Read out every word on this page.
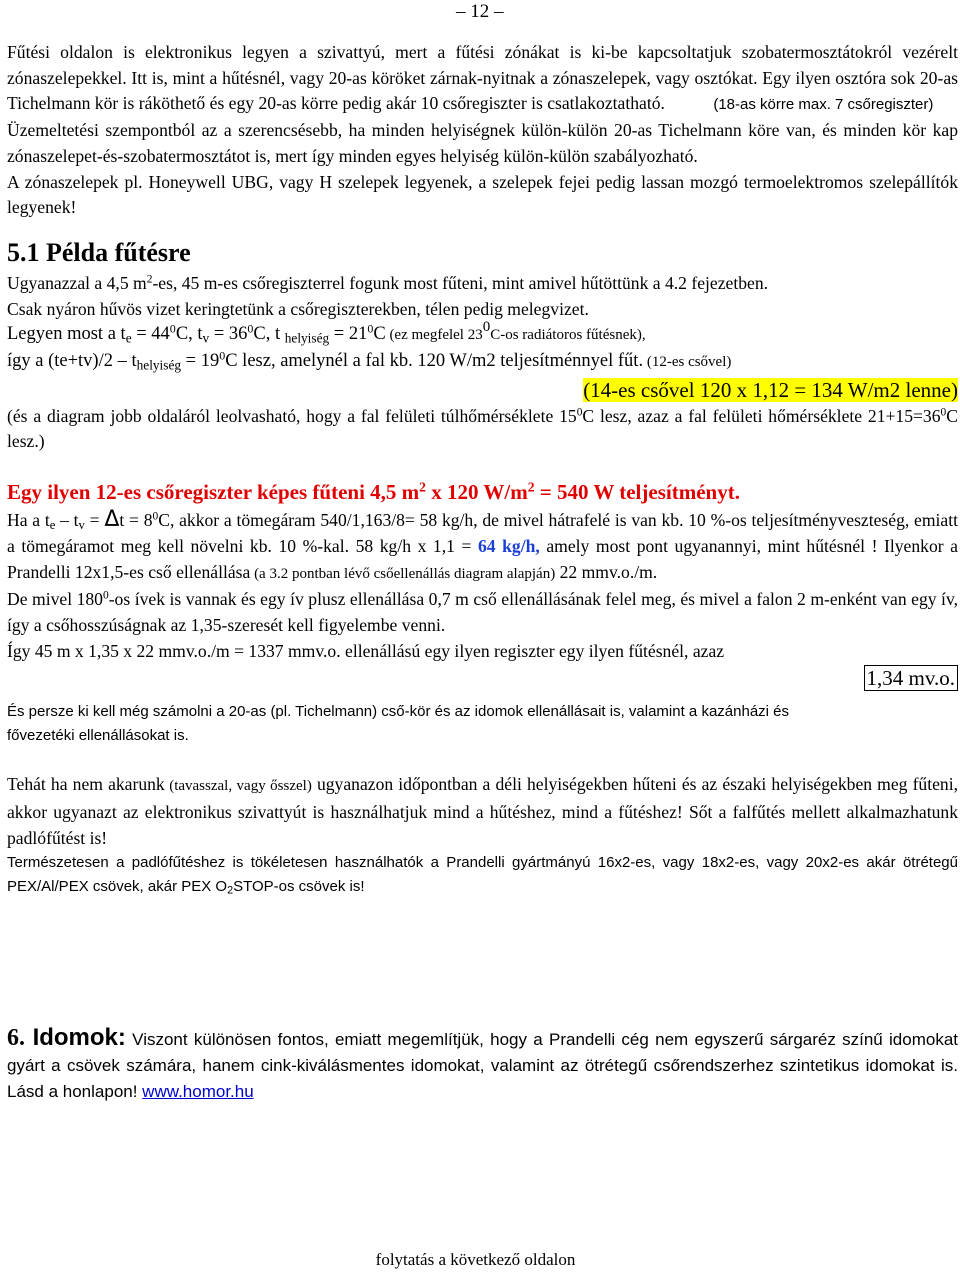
– 12 –

Fűtési oldalon is elektronikus legyen a szivattyú, mert a fűtési zónákat is ki-be kapcsoltatjuk szobatermosztátokról vezérelt zónaszelepekkel. Itt is, mint a hűtésnél, vagy 20-as köröket zárnak-nyitnak a zónaszelepek, vagy osztókat. Egy ilyen osztóra sok 20-as Tichelmann kör is ráköthető és egy 20-as körre pedig akár 10 csőregiszter is csatlakoztatható.	(18-as körre max. 7 csőregiszter)

Üzemeltetési szempontból az a szerencsésebb, ha minden helyiségnek külön-külön 20-as Tichelmann köre van, és minden kör kap zónaszelepet-és-szobatermosztátot is, mert így minden egyes helyiség külön-külön szabályozható.

A zónaszelepek pl. Honeywell UBG, vagy H szelepek legyenek, a szelepek fejei pedig lassan mozgó termoelektromos szelepállítók legyenek!

5.1 Példa fűtésre

Ugyanazzal a 4,5 $m^2-es$, 45 m-es csőregiszterrel fogunk most fűteni, mint amivel hűtöttünk a 4.2 fejezetben.

Csak nyáron hűvös vizet keringtetünk a csőregiszterekben, télen pedig melegvizet.

Legyen most a $t_e = 44^0C$, $t_v = 36^0C$, t $_{helyiség} = 21^0C$ (ez megfelel $23^0C-os$ radiátoros fűtésnek),

így a $(te+tv)/2 - t_{helyiség} = 19^0C$ lesz, amelynél a fal kb. 120 W/m2 teljesítménnyel fűt. (12-es csővel)

(14-es csővel 120 x 1,12 = 134 W/m2 lenne)

(és a diagram jobb oldaláról leolvasható, hogy a fal felületi túlhőmérséklete $15^0C$ lesz, azaz a fal felületi hőmérséklete $21+15=36^0C$ lesz.)

Egy ilyen 12-es csőregiszter képes fűteni 4,5 $m^2$ x 120 $W/m^2 = 540$ W teljesítményt.

Ha a $t_e - t_v = \Delta t = 8^0C$, akkor a tömegáram 540/1,163/8= 58 kg/h, de mivel hátrafelé is van kb. 10 %-os teljesítményveszteség, emiatt a tömegáramot meg kell növelni kb. 10 %-kal. 58 kg/h x 1,1 = 64 kg/h, amely most pont ugyanannyi, mint hűtésnél ! Ilyenkor a Prandelli 12x1,5-es cső ellenállása (a 3.2 pontban lévő csőellenállás diagram alapján) 22 mmv.o./m.

De mivel $180^0-os$ ívek is vannak és egy ív plusz ellenállása 0,7 m cső ellenállásának felel meg, és mivel a falon 2 m-enként van egy ív, így a csőhosszúságnak az 1,35-szeresét kell figyelembe venni.

Így 45 m x 1,35 x 22 mmv.o./m = 1337 mmv.o. ellenállású egy ilyen regiszter egy ilyen fűtésnél, azaz

1,34 mv.o.

És persze ki kell még számolni a 20-as (pl. Tichelmann) cső-kör és az idomok ellenállásait is, valamint a kazánházi és fővezetéki ellenállásokat is.

Tehát ha nem akarunk (tavasszal, vagy ősszel) ugyanazon időpontban a déli helyiségekben hűteni és az északi helyiségekben meg fűteni, akkor ugyanazt az elektronikus szivattyút is használhatjuk mind a hűtéshez, mind a fűtéshez! Sőt a falfűtés mellett alkalmazhatunk padlófűtést is!

Természetesen a padlófűtéshez is tökéletesen használhatók a Prandelli gyártmányú 16x2-es, vagy 18x2-es, vagy 20x2-es akár ötrétegű PEX/Al/PEX csövek, akár PEX $O_2STOP-os$ csövek is!

6. Idomok: Viszont különösen fontos, emiatt megemlítjük, hogy a Prandelli cég nem egyszerű sárgaréz színű idomokat gyárt a csövek számára, hanem cink-kiválásmentes idomokat, valamint az ötrétegű csőrendszerhez szintetikus idomokat is. Lásd a honlapon! www.homor.hu

folytatás a következő oldalon
